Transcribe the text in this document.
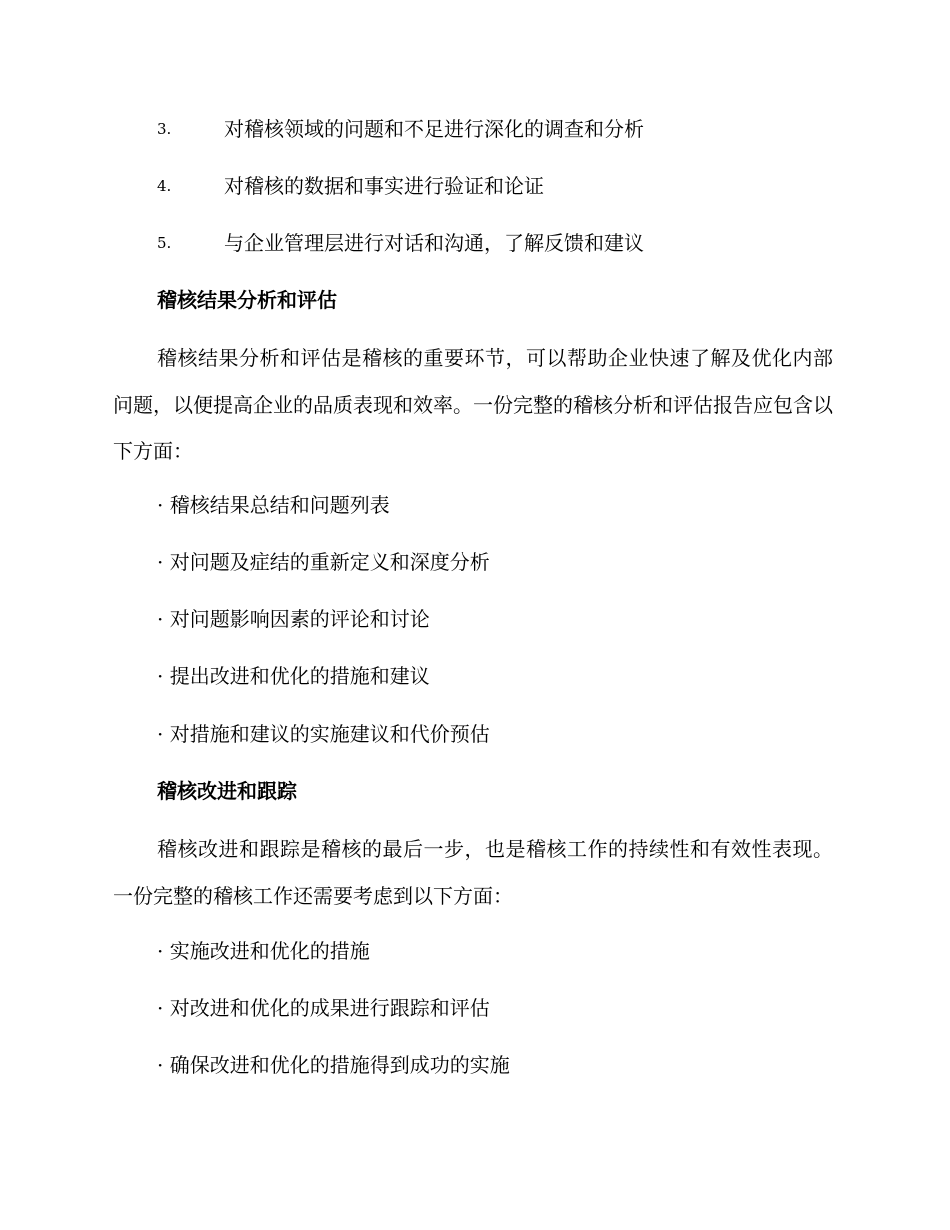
3.	对稽核领域的问题和不足进行深化的调查和分析
4.	对稽核的数据和事实进行验证和论证
5.	与企业管理层进行对话和沟通，了解反馈和建议
稽核结果分析和评估
稽核结果分析和评估是稽核的重要环节，可以帮助企业快速了解及优化内部问题，以便提高企业的品质表现和效率。一份完整的稽核分析和评估报告应包含以下方面：
· 稽核结果总结和问题列表
· 对问题及症结的重新定义和深度分析
· 对问题影响因素的评论和讨论
· 提出改进和优化的措施和建议
· 对措施和建议的实施建议和代价预估
稽核改进和跟踪
稽核改进和跟踪是稽核的最后一步，也是稽核工作的持续性和有效性表现。一份完整的稽核工作还需要考虑到以下方面：
· 实施改进和优化的措施
· 对改进和优化的成果进行跟踪和评估
· 确保改进和优化的措施得到成功的实施
